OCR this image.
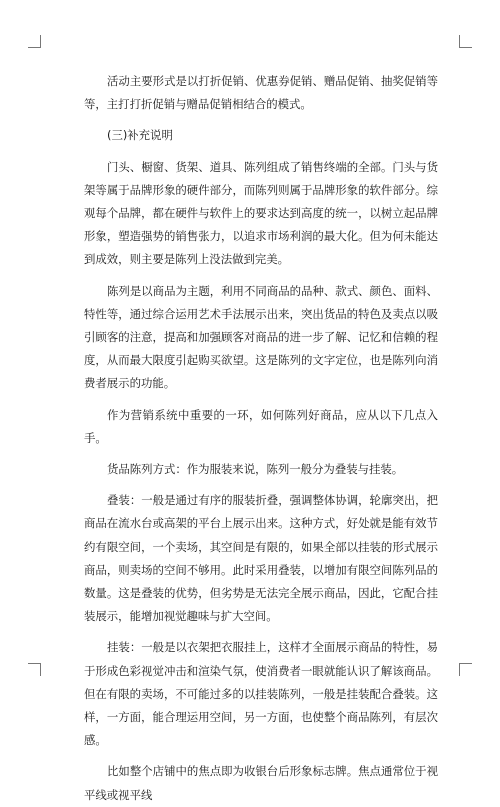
活动主要形式是以打折促销、优惠券促销、赠品促销、抽奖促销等等，主打打折促销与赠品促销相结合的模式。

(三)补充说明

门头、橱窗、货架、道具、陈列组成了销售终端的全部。门头与货架等属于品牌形象的硬件部分，而陈列则属于品牌形象的软件部分。综观每个品牌，都在硬件与软件上的要求达到高度的统一，以树立起品牌形象，塑造强势的销售张力，以追求市场利润的最大化。但为何未能达到成效，则主要是陈列上没法做到完美。

陈列是以商品为主题，利用不同商品的品种、款式、颜色、面料、特性等，通过综合运用艺术手法展示出来，突出货品的特色及卖点以吸引顾客的注意，提高和加强顾客对商品的进一步了解、记忆和信赖的程度，从而最大限度引起购买欲望。这是陈列的文字定位，也是陈列向消费者展示的功能。

作为营销系统中重要的一环，如何陈列好商品，应从以下几点入手。

货品陈列方式：作为服装来说，陈列一般分为叠装与挂装。

叠装：一般是通过有序的服装折叠，强调整体协调，轮廓突出，把商品在流水台或高架的平台上展示出来。这种方式，好处就是能有效节约有限空间，一个卖场，其空间是有限的，如果全部以挂装的形式展示商品，则卖场的空间不够用。此时采用叠装，以增加有限空间陈列品的数量。这是叠装的优势，但劣势是无法完全展示商品，因此，它配合挂装展示，能增加视觉趣味与扩大空间。

挂装：一般是以衣架把衣服挂上，这样才全面展示商品的特性，易于形成色彩视觉冲击和渲染气氛，使消费者一眼就能认识了解该商品。但在有限的卖场，不可能过多的以挂装陈列，一般是挂装配合叠装。这样，一方面，能合理运用空间，另一方面，也使整个商品陈列，有层次感。

比如整个店铺中的焦点即为收银台后形象标志牌。焦点通常位于视平线或视平线
